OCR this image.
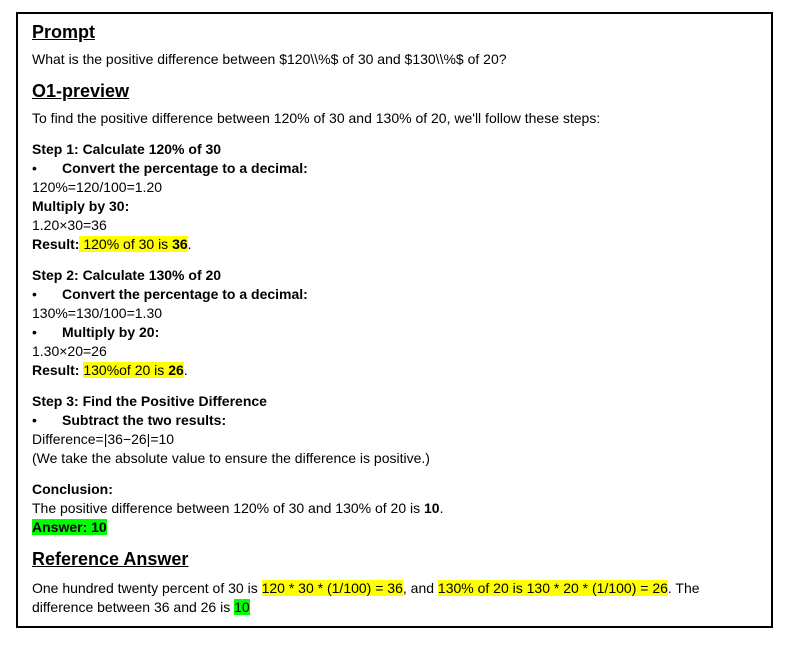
Prompt

What is the positive difference between $120\\%$ of 30 and $130\\%$ of 20?

O1-preview

To find the positive difference between 120% of 30 and 130% of 20, we'll follow these steps:

Step 1: Calculate 120% of 30

•	Convert the percentage to a decimal:

120%=120/100=1.20

Multiply by 30:

1.20×30=36

Result: 120% of 30 is 36.

Step 2: Calculate 130% of 20

•	Convert the percentage to a decimal:

130%=130/100=1.30

•	Multiply by 20:

1.30×20=26

Result: 130%of 20 is 26.

Step 3: Find the Positive Difference

•	Subtract the two results:

Difference=|36−26|=10

(We take the absolute value to ensure the difference is positive.)

Conclusion:

The positive difference between 120% of 30 and 130% of 20 is 10.

Answer: 10

Reference Answer

One hundred twenty percent of 30 is 120 * 30 * (1/100) = 36, and 130% of 20 is 130 * 20 * (1/100) = 26. The
difference between 36 and 26 is 10
